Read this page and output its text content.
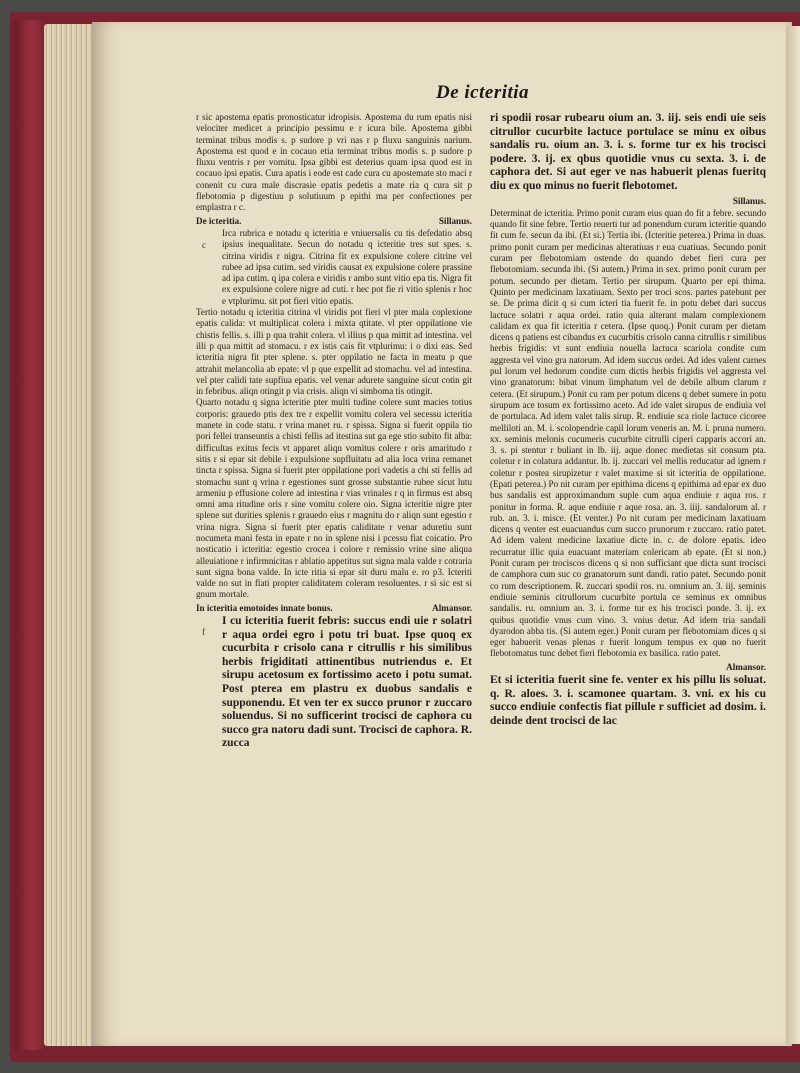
De icteritia

r sic apostema epatis pronosticatur idropisis. Apostema du rum epatis nisi velociter medicet a principio pessimu e r icura bile. Apostema gibbi terminat tribus modis s. p sudore p vri nas r p fluxu sanguinis narium. Apostema est quod e in cocauo etia terminat tribus modis s. p sudore p fluxu ventris r per vomitu. Ipsa gibbi est deterius quam ipsa quod est in cocauo ipsi epatis. Cura apatis i eode est cade cura cu apostemate sto maci r conenit cu cura male discrasie epatis pedetis a mate ria q cura sit p flebotomia p digestiuu p solutiuum p epithi ma per confectiones per emplastra r c.

De icteritia.	Sillanus.
c

Irca rubrica e notadu q icteritia e vniuersalis cu tis defedatio absq ipsius inequalitate. Secun do notadu q icteritie tres sut spes. s. citrina viridis r nigra. Citrina fit ex expulsione colere citrine vel rubee ad ipsa cutim. sed viridis causat ex expulsione colere prassine ad ipa cutim. q ipa colera e viridis r ambo sunt vitio epa tis. Nigra fit ex expulsione colere nigre ad cuti. r hec pot fie ri vitio splenis r hoc e vtplurimu. sit pot fieri vitio epatis.

Tertio notadu q icteritia citrina vl viridis pot fieri vl pter mala coplexione epatis calida: vt multiplicat colera i mixta qtitate. vl pter oppilatione vie chistis fellis. s. illi p qua trahit colera. vl illius p qua mittit ad intestina. vel illi p qua mittit ad stomacu. r ex istis cais fit vtplurimu: i o dixi eas. Sed icteritia nigra fit pter splene. s. pter oppilatio ne facta in meatu p que attrahit melancolia ab epate: vl p que expellit ad stomachu. vel ad intestina. vel pter calidi tate supfiua epatis. vel venar adurete sanguine sicut cotin git in febribus. aliqn otingit p via crisis. aliqn vi simboma tis otingit.

Quarto notadu q signa icteritie pter multi tudine colere sunt macies totius corporis: grauedo ptis dex tre r expellit vomitu colera vel secessu icteritia manete in code statu. r vrina manet ru. r spissa. Signa si fuerit oppila tio pori fellei transeuntis a chisti fellis ad itestina sut ga ege stio subito fit alba: difficultas exitus fecis vt apparet aliqn vomitus colere r oris amaritudo r sitis r si epar sit debile i expulsione supfluitatu ad alia loca vrina remanet tincta r spissa. Signa si fuerit pter oppilatione pori vadetis a chi sti fellis ad stomachu sunt q vrina r egestiones sunt grosse substantie rubee sicut lutu armeniu p effusione colere ad intestina r vias vrinales r q in firmus est absq omni ama ritudine oris r sine vomitu colere oio. Signa icteritie nigre pter splene sut durities splenis r grauedo eius r magnitu do r aliqn sunt egestio r vrina nigra. Signa si fuerit pter epatis caliditate r venar aduretiu sunt nocumeta mani festa in epate r no in splene nisi i pcessu fiat coicatio. Pro nosticatio i icteritia: egestio crocea i colore r remissio vrine sine aliqua alleuiatione r infirmnicitas r ablatio appetitus sut signa mala valde r cotraria sunt signa bona valde. In icte ritia si epar sit duru malu e. ro p3. Icteriti valde no sut in flati propter caliditatem coleram resoluentes. r si sic est si gnum mortale.

In icteritia emotoides innate bonus.	Almansor.
f

I cu icteritia fuerit febris: succus endi uie r solatri r aqua ordei egro i potu tri buat. Ipse quoq ex cucurbita r crisolo cana r citrullis r his similibus herbis frigiditati attinentibus nutriendus e. Et sirupu acetosum ex fortissimo aceto i potu sumat. Post pterea em plastru ex duobus sandalis e supponendu. Et ven ter ex succo prunor r zuccaro soluendus. Si no sufficerint trocisci de caphora cu succo gra natoru dadi sunt. Trocisci de caphora. R. zucca

ri spodii rosar rubearu oium an. 3. iij. seis endi uie seis citrullor cucurbite lactuce portulace se minu ex oibus sandalis ru. oium an. 3. i. s. forme tur ex his trocisci podere. 3. ij. ex qbus quotidie vnus cu sexta. 3. i. de caphora det. Si aut eger ve nas habuerit plenas fueritq diu ex quo minus no fuerit flebotomet.

Sillanus.

Determinat de icteritia. Primo ponit curam eius quan do fit a febre. secundo quando fit sine febre. Tertio reuerti tur ad ponendum curam icteritie quando fit cum fe. secun da ibi. (Et si.) Tertia ibi. (Icteritie peterea.) Prima in duas. primo ponit curam per medicinas alteratiuas r eua cuatiuas. Secundo ponit curam per flebotomiam ostende do quando debet fieri cura per flebotomiam. secunda ibi. (Si autem.) Prima in sex. primo ponit curam per potum. secundo per dietam. Tertio per sirupum. Quarto per epi thima. Quinto per medicinam laxatiuam. Sexto per troci scos. partes patebunt per se. De prima dicit q si cum icteri tia fuerit fe. in potu debet dari succus lactuce solatri r aqua ordei. ratio quia alterant malam complexionem calidam ex qua fit icteritia r cetera. (Ipse quoq.) Ponit curam per dietam dicens q patiens est cibandus ex cucurbitis crisolo canna citrullis r similibus herbis frigidis: vt sunt endiuia nouella lactuca scariola condite cum aggresta vel vino gra natorum. Ad idem succus ordei. Ad ides valent carnes pul lorum vel hedorum condite cum dictis herbis frigidis vel aggresta vel vino granatorum: bibat vinum limphatum vel de debile album clarum r cetera. (Et sirupum.) Ponit cu ram per potum dicens q debet sumere in potu sirupum ace tosum ex fortissimo aceto. Ad ide valet sirupus de endiuia vel de portulaca. Ad idem valet talis sirup. R. endiuie sca riole lactuce cicoree melliloti an. M. i. scolopendrie capil lorum veneris an. M. i. pruna numero. xx. seminis melonis cucumeris cucurbite citrulli ciperi capparis accori an. 3. s. pi stentur r buliant in lb. iij. aque donec medietas sit consum pta. coletur r in colatura addantur. lb. ij. zuccari vel mellis reducatur ad ignem r coletur r postea sirupizetur r valet maxime si sit icteritia de oppilatione. (Epati peterea.) Po nit curam per epithima dicens q epithima ad epar ex duo bus sandalis est approximandum suple cum aqua endiuie r aqua ros. r ponitur in forma. R. aque endiuie r aque rosa. an. 3. iiij. sandalorum al. r rub. an. 3. i. misce. (Et venter.) Po nit curam per medicinam laxatiuam dicens q venter est euacuandus cum succo prunorum r zuccaro. ratio patet. Ad idem valent medicine laxatiue dicte in. c. de dolore epatis. ideo recurratur illic quia euacuant materiam colericam ab epate. (Et si non.) Ponit curam per trociscos dicens q si non sufficiant que dicta sunt trocisci de camphora cum suc co granatorum sunt dandi. ratio patet. Secundo ponit co rum descriptionem. R. zuccari spodii ros. ru. omnium an. 3. iij. seminis endiuie seminis citrullorum cucurbite portula ce seminus ex omnibus sandalis. ru. omnium an. 3. i. forme tur ex his trocisci ponde. 3. ij. ex quibus quotidie vnus cum vino. 3. vnius detur. Ad idem tria sandali dyarodon abba tis. (Si autem eger.) Ponit curam per flebotomiam dices q si eger habuerit venas plenas r fuerit longum tempus ex quo no fuerit flebotomatus tunc debet fieri flebotomia ex basilica. ratio patet.

Almansor.

Et si icteritia fuerit sine fe. venter ex his pillu lis soluat. q. R. aloes. 3. i. scamonee quartam. 3. vni. ex his cu succo endiuie confectis fiat pillule r sufficiet ad dosim. i. deinde dent trocisci de lac
